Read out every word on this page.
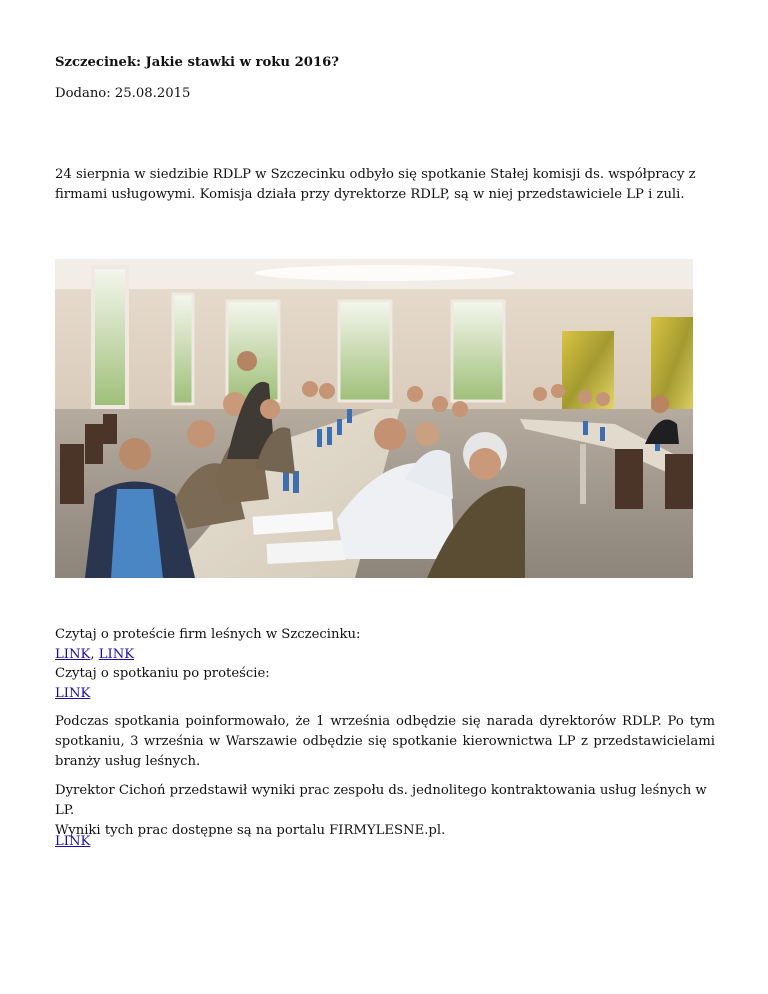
Szczecinek: Jakie stawki w roku 2016?

Dodano: 25.08.2015

24 sierpnia w siedzibie RDLP w Szczecinku odbyło się spotkanie Stałej komisji ds. współpracy z
firmami usługowymi. Komisja działa przy dyrektorze RDLP, są w niej przedstawiciele LP i zuli.

Czytaj o proteście firm leśnych w Szczecinku:
LINK, LINK
Czytaj o spotkaniu po proteście:
LINK

Podczas spotkania poinformowało, że 1 września odbędzie się narada dyrektorów RDLP. Po tym spotkaniu, 3 września w Warszawie odbędzie się spotkanie kierownictwa LP z przedstawicielami branży usług leśnych.

Dyrektor Cichoń przedstawił wyniki prac zespołu ds. jednolitego kontraktowania usług leśnych w LP.
Wyniki tych prac dostępne są na portalu FIRMYLESNE.pl.

LINK
